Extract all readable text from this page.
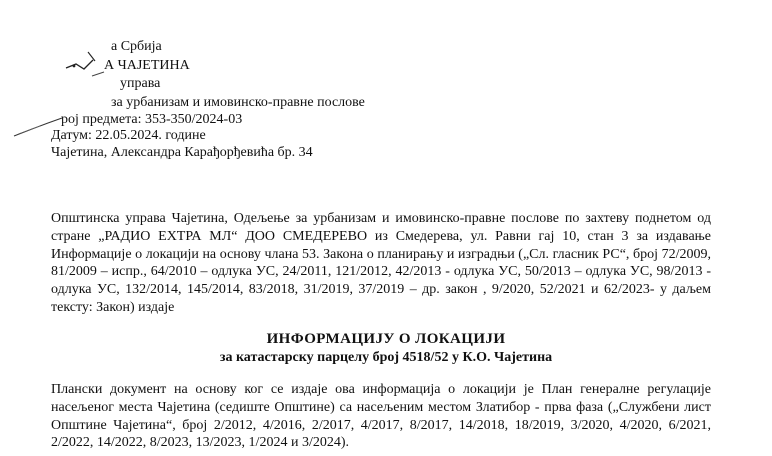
а Србија
А ЧАЈЕТИНА
управа
за урбанизам и имовинско-правне послове
рој предмета: 353-350/2024-03
Датум: 22.05.2024. године
Чајетина, Александра Карађорђевића бр. 34

Општинска управа Чајетина, Одељење за урбанизам и имовинско-правне послове по захтеву поднетом од стране „РАДИО ЕХТРА МЛ“ ДОО СМЕДЕРЕВО из Смедерева, ул. Равни гај 10, стан 3 за издавање Информације о локацији на основу члана 53. Закона о планирању и изградњи („Сл. гласник РС“, број 72/2009, 81/2009 – испр., 64/2010 – одлука УС, 24/2011, 121/2012, 42/2013 - одлука УС, 50/2013 – одлука УС, 98/2013 - одлука УС, 132/2014, 145/2014, 83/2018, 31/2019, 37/2019 – др. закон , 9/2020, 52/2021 и 62/2023- у даљем тексту: Закон) издаје

ИНФОРМАЦИЈУ О ЛОКАЦИЈИ
за катастарску парцелу број 4518/52 у К.О. Чајетина

Плански документ на основу ког се издаје ова информација о локацији је План генералне регулације насељеног места Чајетина (седиште Општине) са насељеним местом Златибор - прва фаза („Службени лист Општине Чајетина“, број 2/2012, 4/2016, 2/2017, 4/2017, 8/2017, 14/2018, 18/2019, 3/2020, 4/2020, 6/2021, 2/2022, 14/2022, 8/2023, 13/2023, 1/2024 и 3/2024).
